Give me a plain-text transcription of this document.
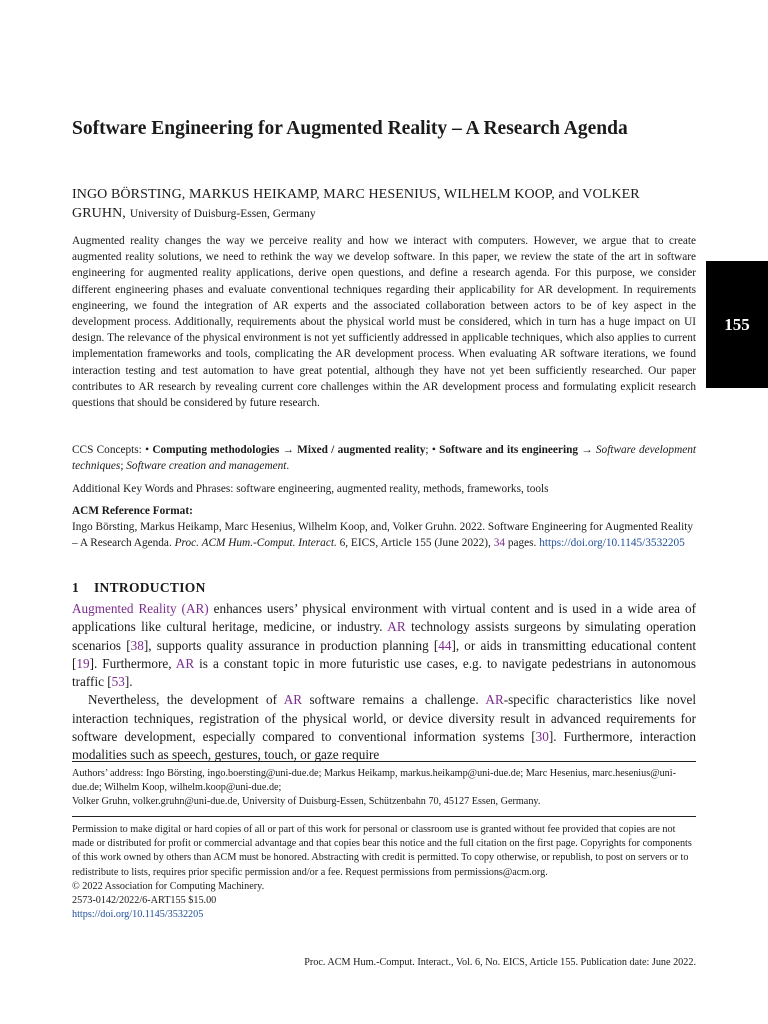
Software Engineering for Augmented Reality – A Research Agenda
INGO BÖRSTING, MARKUS HEIKAMP, MARC HESENIUS, WILHELM KOOP, and VOLKER GRUHN, University of Duisburg-Essen, Germany
155

Augmented reality changes the way we perceive reality and how we interact with computers. However, we argue that to create augmented reality solutions, we need to rethink the way we develop software. In this paper, we review the state of the art in software engineering for augmented reality applications, derive open questions, and define a research agenda. For this purpose, we consider different engineering phases and evaluate conventional techniques regarding their applicability for AR development. In requirements engineering, we found the integration of AR experts and the associated collaboration between actors to be of key aspect in the development process. Additionally, requirements about the physical world must be considered, which in turn has a huge impact on UI design. The relevance of the physical environment is not yet sufficiently addressed in applicable techniques, which also applies to current implementation frameworks and tools, complicating the AR development process. When evaluating AR software iterations, we found interaction testing and test automation to have great potential, although they have not yet been sufficiently researched. Our paper contributes to AR research by revealing current core challenges within the AR development process and formulating explicit research questions that should be considered by future research.

CCS Concepts: • Computing methodologies → Mixed / augmented reality; • Software and its engineering → Software development techniques; Software creation and management.

Additional Key Words and Phrases: software engineering, augmented reality, methods, frameworks, tools

ACM Reference Format:

Ingo Börsting, Markus Heikamp, Marc Hesenius, Wilhelm Koop, and, Volker Gruhn. 2022. Software Engineering for Augmented Reality – A Research Agenda. Proc. ACM Hum.-Comput. Interact. 6, EICS, Article 155 (June 2022), 34 pages. https://doi.org/10.1145/3532205

1 INTRODUCTION

Augmented Reality (AR) enhances users’ physical environment with virtual content and is used in a wide area of applications like cultural heritage, medicine, or industry. AR technology assists surgeons by simulating operation scenarios [38], supports quality assurance in production planning [44], or aids in transmitting educational content [19]. Furthermore, AR is a constant topic in more futuristic use cases, e.g. to navigate pedestrians in autonomous traffic [53].

Nevertheless, the development of AR software remains a challenge. AR-specific characteristics like novel interaction techniques, registration of the physical world, or device diversity result in advanced requirements for software development, especially compared to conventional information systems [30]. Furthermore, interaction modalities such as speech, gestures, touch, or gaze require

Authors’ address: Ingo Börsting, ingo.boersting@uni-due.de; Markus Heikamp, markus.heikamp@uni-due.de; Marc Hesenius, marc.hesenius@uni-due.de; Wilhelm Koop, wilhelm.koop@uni-due.de;
Volker Gruhn, volker.gruhn@uni-due.de, University of Duisburg-Essen, Schützenbahn 70, 45127 Essen, Germany.
Permission to make digital or hard copies of all or part of this work for personal or classroom use is granted without fee provided that copies are not made or distributed for profit or commercial advantage and that copies bear this notice and the full citation on the first page. Copyrights for components of this work owned by others than ACM must be honored. Abstracting with credit is permitted. To copy otherwise, or republish, to post on servers or to redistribute to lists, requires prior specific permission and/or a fee. Request permissions from permissions@acm.org.
© 2022 Association for Computing Machinery.
2573-0142/2022/6-ART155 $15.00
https://doi.org/10.1145/3532205
Proc. ACM Hum.-Comput. Interact., Vol. 6, No. EICS, Article 155. Publication date: June 2022.
